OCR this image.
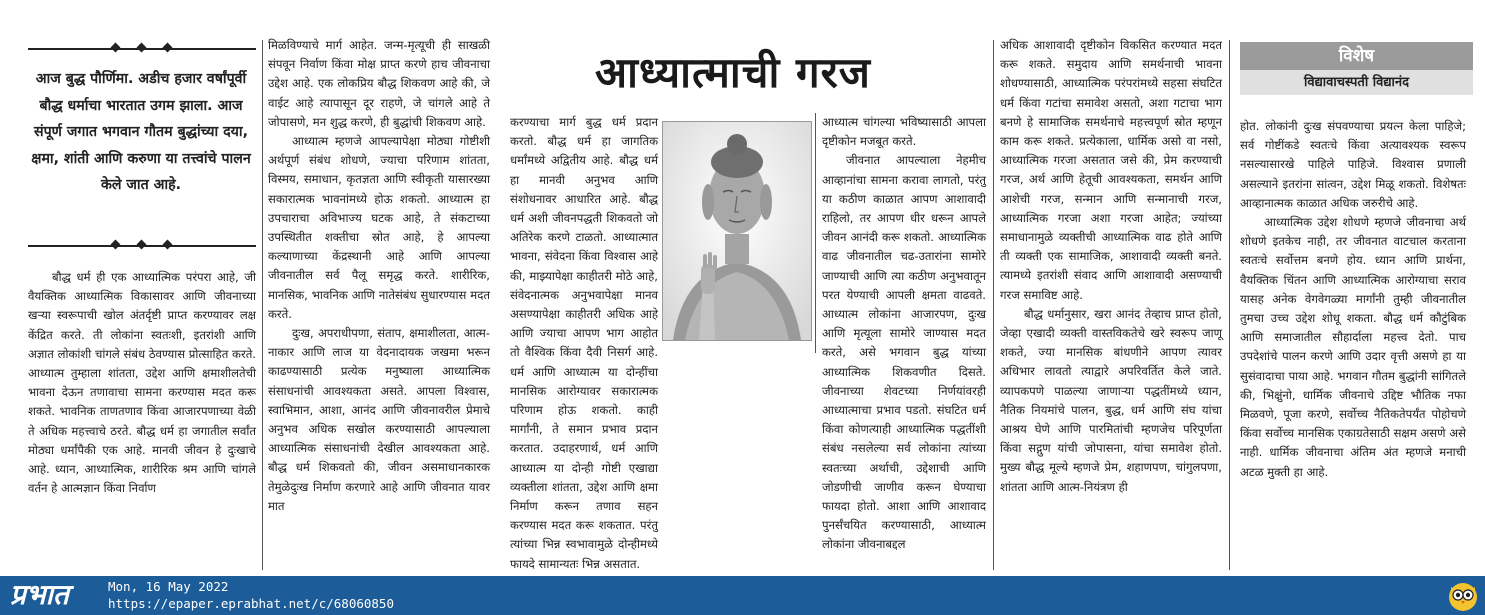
आज बुद्ध पौर्णिमा. अडीच हजार वर्षांपूर्वी बौद्ध धर्माचा भारतात उगम झाला. आज संपूर्ण जगात भगवान गौतम बुद्धांच्या दया, क्षमा, शांती आणि करुणा या तत्त्वांचे पालन केले जात आहे.

बौद्ध धर्म ही एक आध्यात्मिक परंपरा आहे, जी वैयक्तिक आध्यात्मिक विकासावर आणि जीवनाच्या खऱ्या स्वरूपाची खोल अंतर्दृष्टी प्राप्त करण्यावर लक्ष केंद्रित करते. ती लोकांना स्वतःशी, इतरांशी आणि अज्ञात लोकांशी चांगले संबंध ठेवण्यास प्रोत्साहित करते. आध्यात्म तुम्हाला शांतता, उद्देश आणि क्षमाशीलतेची भावना देऊन तणावाचा सामना करण्यास मदत करू शकते. भावनिक ताणतणाव किंवा आजारपणाच्या वेळी ते अधिक महत्त्वाचे ठरते. बौद्ध धर्म हा जगातील सर्वांत मोठ्या धर्मांपैकी एक आहे. मानवी जीवन हे दुःखाचे आहे. ध्यान, आध्यात्मिक, शारीरिक श्रम आणि चांगले वर्तन हे आत्मज्ञान किंवा निर्वाण

मिळविण्याचे मार्ग आहेत. जन्म-मृत्यूची ही साखळी संपवून निर्वाण किंवा मोक्ष प्राप्त करणे हाच जीवनाचा उद्देश आहे. एक लोकप्रिय बौद्ध शिकवण आहे की, जे वाईट आहे त्यापासून दूर राहणे, जे चांगले आहे ते जोपासणे, मन शुद्ध करणे, ही बुद्धांची शिकवण आहे.

आध्यात्म म्हणजे आपल्यापेक्षा मोठ्या गोष्टीशी अर्थपूर्ण संबंध शोधणे, ज्याचा परिणाम शांतता, विस्मय, समाधान, कृतज्ञता आणि स्वीकृती यासारख्या सकारात्मक भावनांमध्ये होऊ शकतो. आध्यात्म हा उपचाराचा अविभाज्य घटक आहे, ते संकटाच्या उपस्थितीत शक्तीचा स्रोत आहे, हे आपल्या कल्याणाच्या केंद्रस्थानी आहे आणि आपल्या जीवनातील सर्व पैलू समृद्ध करते. शारीरिक, मानसिक, भावनिक आणि नातेसंबंध सुधारण्यास मदत करते.

दुःख, अपराधीपणा, संताप, क्षमाशीलता, आत्म-नाकार आणि लाज या वेदनादायक जखमा भरून काढण्यासाठी प्रत्येक मनुष्याला आध्यात्मिक संसाधनांची आवश्यकता असते. आपला विश्वास, स्वाभिमान, आशा, आनंद आणि जीवनावरील प्रेमाचे अनुभव अधिक सखोल करण्यासाठी आपल्याला आध्यात्मिक संसाधनांची देखील आवश्यकता आहे. बौद्ध धर्म शिकवतो की, जीवन असमाधानकारक तेमुळेदुःख निर्माण करणारे आहे आणि जीवनात यावर मात

आध्यात्माची गरज

करण्याचा मार्ग बुद्ध धर्म प्रदान करतो. बौद्ध धर्म हा जागतिक धर्मांमध्ये अद्वितीय आहे. बौद्ध धर्म हा मानवी अनुभव आणि संशोधनावर आधारित आहे. बौद्ध धर्म अशी जीवनपद्धती शिकवतो जो अतिरेक करणे टाळतो. आध्यात्मात भावना, संवेदना किंवा विश्वास आहे की, माझ्यापेक्षा काहीतरी मोठे आहे, संवेदनात्मक अनुभवापेक्षा मानव असण्यापेक्षा काहीतरी अधिक आहे आणि ज्याचा आपण भाग आहोत तो वैश्विक किंवा दैवी निसर्ग आहे. धर्म आणि आध्यात्म या दोन्हींचा मानसिक आरोग्यावर सकारात्मक परिणाम होऊ शकतो. काही मार्गांनी, ते समान प्रभाव प्रदान करतात. उदाहरणार्थ, धर्म आणि आध्यात्म या दोन्ही गोष्टी एखाद्या व्यक्तीला शांतता, उद्देश आणि क्षमा निर्माण करून तणाव सहन करण्यास मदत करू शकतात. परंतु त्यांच्या भिन्न स्वभावामुळे दोन्हीमध्ये फायदे सामान्यतः भिन्न असतात.

आध्यात्म चांगल्या भविष्यासाठी आपला दृष्टीकोन मजबूत करते.

जीवनात आपल्याला नेहमीच आव्हानांचा सामना करावा लागतो, परंतु या कठीण काळात आपण आशावादी राहिलो, तर आपण धीर धरून आपले जीवन आनंदी करू शकतो. आध्यात्मिक वाढ जीवनातील चढ-उतारांना सामोरे जाण्याची आणि त्या कठीण अनुभवातून परत येण्याची आपली क्षमता वाढवते. आध्यात्म लोकांना आजारपण, दुःख आणि मृत्यूला सामोरे जाण्यास मदत करते, असे भगवान बुद्ध यांच्या आध्यात्मिक शिकवणीत दिसते. जीवनाच्या शेवटच्या निर्णयांवरही आध्यात्माचा प्रभाव पडतो. संघटित धर्म किंवा कोणत्याही आध्यात्मिक पद्धतींशी संबंध नसलेल्या सर्व लोकांना त्यांच्या स्वतःच्या अर्थाची, उद्देशाची आणि जोडणीची जाणीव करून घेण्याचा फायदा होतो. आशा आणि आशावाद पुनर्संचयित करण्यासाठी, आध्यात्म लोकांना जीवनाबद्दल

अधिक आशावादी दृष्टीकोन विकसित करण्यात मदत करू शकते. समुदाय आणि समर्थनाची भावना शोधण्यासाठी, आध्यात्मिक परंपरांमध्ये सहसा संघटित धर्म किंवा गटांचा समावेश असतो, अशा गटाचा भाग बनणे हे सामाजिक समर्थनाचे महत्त्वपूर्ण स्रोत म्हणून काम करू शकते. प्रत्येकाला, धार्मिक असो वा नसो, आध्यात्मिक गरजा असतात जसे की, प्रेम करण्याची गरज, अर्थ आणि हेतूची आवश्यकता, समर्थन आणि आशेची गरज, सन्मान आणि सन्मानाची गरज, आध्यात्मिक गरजा अशा गरजा आहेत; ज्यांच्या समाधानामुळे व्यक्तीची आध्यात्मिक वाढ होते आणि ती व्यक्ती एक सामाजिक, आशावादी व्यक्ती बनते. त्यामध्ये इतरांशी संवाद आणि आशावादी असण्याची गरज समाविष्ट आहे.

बौद्ध धर्मानुसार, खरा आनंद तेव्हाच प्राप्त होतो, जेव्हा एखादी व्यक्ती वास्तविकतेचे खरे स्वरूप जाणू शकते, ज्या मानसिक बांधणीने आपण त्यावर अधिभार लावतो त्याद्वारे अपरिवर्तित केले जाते. व्यापकपणे पाळल्या जाणाऱ्या पद्धतींमध्ये ध्यान, नैतिक नियमांचे पालन, बुद्ध, धर्म आणि संघ यांचा आश्रय घेणे आणि पारमितांची म्हणजेच परिपूर्णता किंवा सद्गुण यांची जोपासना, यांचा समावेश होतो. मुख्य बौद्ध मूल्ये म्हणजे प्रेम, शहाणपण, चांगुलपणा, शांतता आणि आत्म-नियंत्रण ही

विशेष
विद्यावाचस्पती विद्यानंद

होत. लोकांनी दुःख संपवण्याचा प्रयत्न केला पाहिजे; सर्व गोष्टींकडे स्वतःचे किंवा अत्यावश्यक स्वरूप नसल्यासारखे पाहिले पाहिजे. विश्वास प्रणाली असल्याने इतरांना सांत्वन, उद्देश मिळू शकतो. विशेषतः आव्हानात्मक काळात अधिक जरुरीचे आहे.

आध्यात्मिक उद्देश शोधणे म्हणजे जीवनाचा अर्थ शोधणे इतकेच नाही, तर जीवनात वाटचाल करताना स्वतःचे सर्वोत्तम बनणे होय. ध्यान आणि प्रार्थना, वैयक्तिक चिंतन आणि आध्यात्मिक आरोग्याचा सराव यासह अनेक वेगवेगळ्या मार्गांनी तुम्ही जीवनातील तुमचा उच्च उद्देश शोधू शकता. बौद्ध धर्म कौटुंबिक आणि समाजातील सौहार्दाला महत्त्व देतो. पाच उपदेशांचे पालन करणे आणि उदार वृत्ती असणे हा या सुसंवादाचा पाया आहे. भगवान गौतम बुद्धांनी सांगितले की, भिक्षुंनो, धार्मिक जीवनाचे उद्दिष्ट भौतिक नफा मिळवणे, पूजा करणे, सर्वोच्च नैतिकतेपर्यंत पोहोचणे किंवा सर्वोच्च मानसिक एकाग्रतेसाठी सक्षम असणे असे नाही. धार्मिक जीवनाचा अंतिम अंत म्हणजे मनाची अटळ मुक्ती हा आहे.

प्रभात	Mon, 16 May 2022
https://epaper.eprabhat.net/c/68060850
